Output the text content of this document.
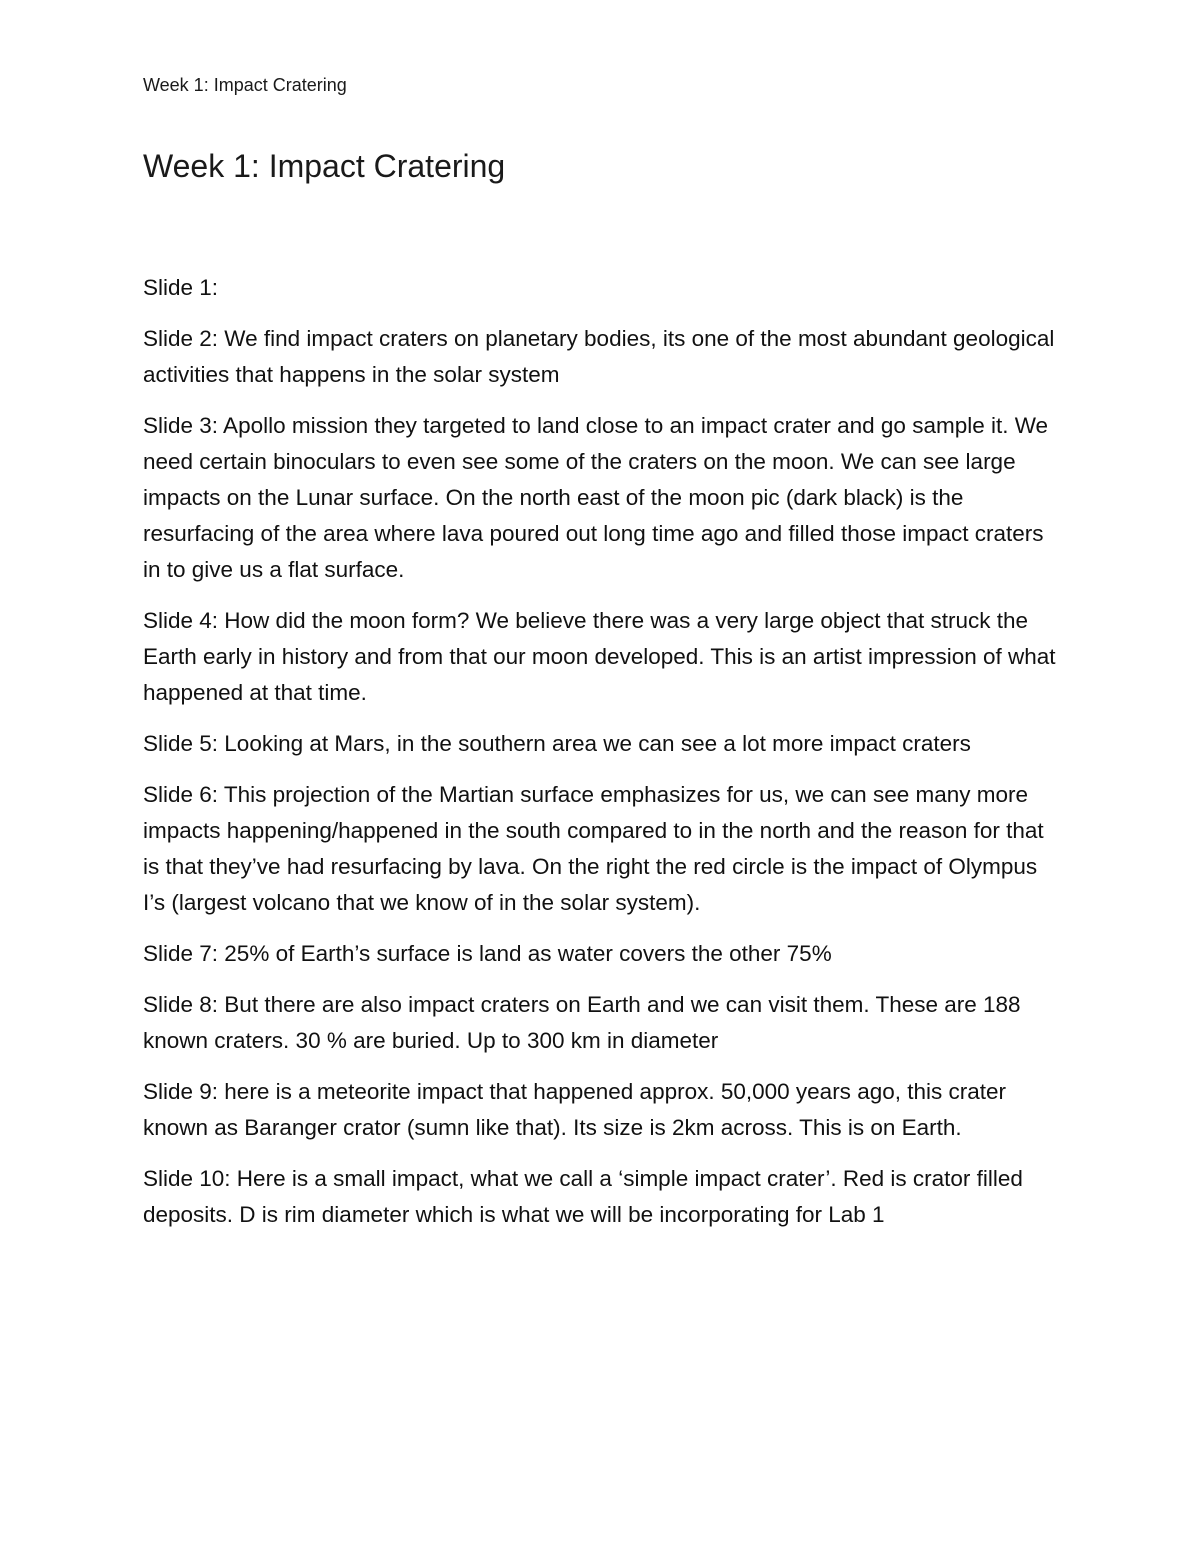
Week 1: Impact Cratering
Week 1: Impact Cratering

Slide 1:

Slide 2: We find impact craters on planetary bodies, its one of the most abundant geological activities that happens in the solar system

Slide 3: Apollo mission they targeted to land close to an impact crater and go sample it. We need certain binoculars to even see some of the craters on the moon. We can see large impacts on the Lunar surface. On the north east of the moon pic (dark black) is the resurfacing of the area where lava poured out long time ago and filled those impact craters in to give us a flat surface.

Slide 4: How did the moon form? We believe there was a very large object that struck the Earth early in history and from that our moon developed. This is an artist impression of what happened at that time.

Slide 5: Looking at Mars, in the southern area we can see a lot more impact craters

Slide 6: This projection of the Martian surface emphasizes for us, we can see many more impacts happening/happened in the south compared to in the north and the reason for that is that they’ve had resurfacing by lava. On the right the red circle is the impact of Olympus I’s (largest volcano that we know of in the solar system).

Slide 7: 25% of Earth’s surface is land as water covers the other 75%

Slide 8: But there are also impact craters on Earth and we can visit them. These are 188 known craters. 30 % are buried. Up to 300 km in diameter

Slide 9: here is a meteorite impact that happened approx. 50,000 years ago, this crater known as Baranger crator (sumn like that). Its size is 2km across. This is on Earth.

Slide 10: Here is a small impact, what we call a ‘simple impact crater’. Red is crator filled deposits. D is rim diameter which is what we will be incorporating for Lab 1
